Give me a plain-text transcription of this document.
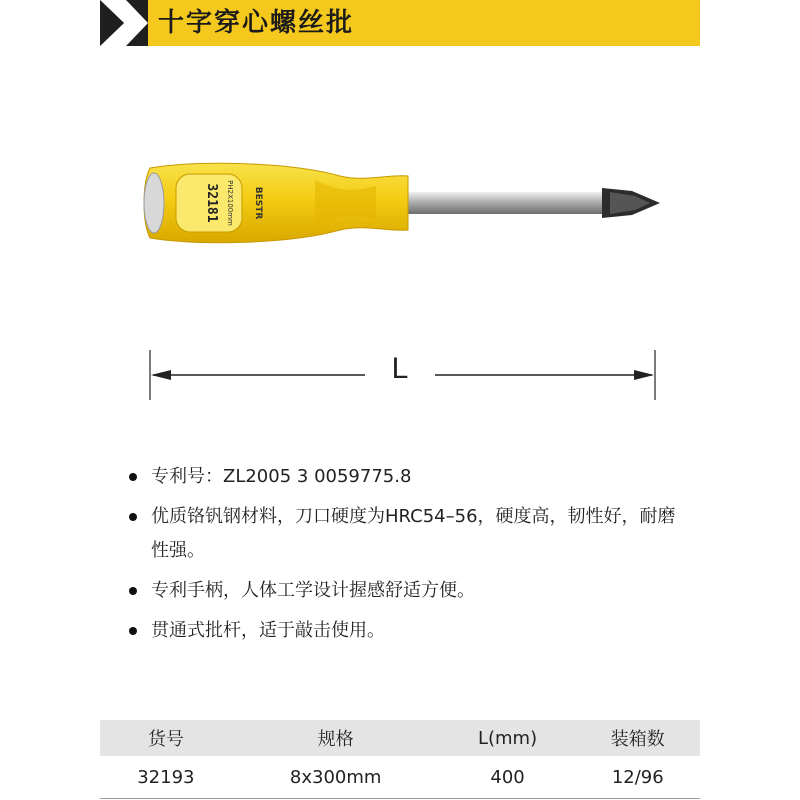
十字穿心螺丝批
32181 PH2X100mm BESTR
L
专利号：ZL2005 3 0059775.8
优质铬钒钢材料，刀口硬度为HRC54–56，硬度高，韧性好，耐磨性强。
专利手柄，人体工学设计握感舒适方便。
贯通式批杆，适于敲击使用。
货号	规格	L(mm)	装箱数
32193	8x300mm	400	12/96
